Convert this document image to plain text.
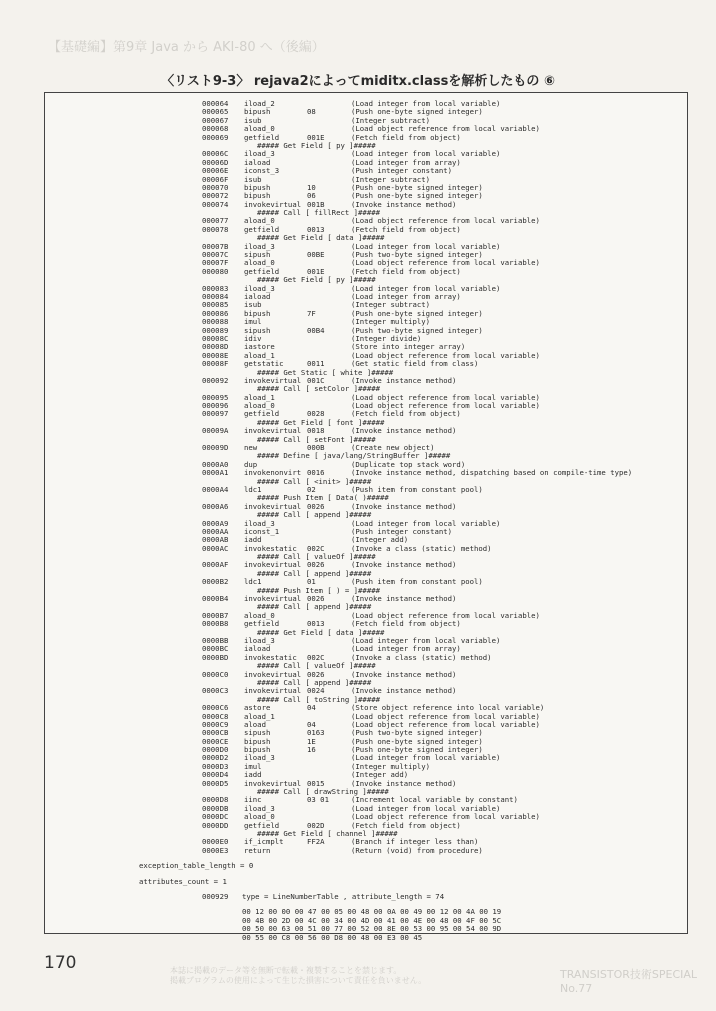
【基礎編】第9章 Java から AKI-80 へ（後編）
〈リスト9-3〉 rejava2によってmiditx.classを解析したもの ⑥
000064 iload_2	(Load integer from local variable)
000065 bipush	08	(Push one-byte signed integer)
000067 isub	(Integer subtract)
000068 aload_0	(Load object reference from local variable)
000069 getfield	001E	(Fetch field from object)
##### Get Field [ py ]#####
00006C iload_3	(Load integer from local variable)
00006D iaload	(Load integer from array)
00006E iconst_3	(Push integer constant)
00006F isub	(Integer subtract)
000070 bipush	10	(Push one-byte signed integer)
000072 bipush	06	(Push one-byte signed integer)
000074 invokevirtual 001B	(Invoke instance method)
##### Call [ fillRect ]#####
000077 aload_0	(Load object reference from local variable)
000078 getfield	0013	(Fetch field from object)
##### Get Field [ data ]#####
00007B iload_3	(Load integer from local variable)
00007C sipush	00BE	(Push two-byte signed integer)
00007F aload_0	(Load object reference from local variable)
000080 getfield	001E	(Fetch field from object)
##### Get Field [ py ]#####
000083 iload_3	(Load integer from local variable)
000084 iaload	(Load integer from array)
000085 isub	(Integer subtract)
000086 bipush	7F	(Push one-byte signed integer)
000088 imul	(Integer multiply)
000089 sipush	00B4	(Push two-byte signed integer)
00008C idiv	(Integer divide)
00008D iastore	(Store into integer array)
00008E aload_1	(Load object reference from local variable)
00008F getstatic	0011	(Get static field from class)
##### Get Static [ white ]#####
000092 invokevirtual 001C	(Invoke instance method)
##### Call [ setColor ]#####
000095 aload_1	(Load object reference from local variable)
000096 aload_0	(Load object reference from local variable)
000097 getfield	0028	(Fetch field from object)
##### Get Field [ font ]#####
00009A invokevirtual 0018	(Invoke instance method)
##### Call [ setFont ]#####
00009D new	000B	(Create new object)
##### Define [ java/lang/StringBuffer ]#####
0000A0 dup	(Duplicate top stack word)
0000A1 invokenonvirt 0016	(Invoke instance method, dispatching based on compile-time type)
##### Call [ <init> ]#####
0000A4 ldc1	02	(Push item from constant pool)
##### Push Item [ Data( )#####
0000A6 invokevirtual 0026	(Invoke instance method)
##### Call [ append ]#####
0000A9 iload_3	(Load integer from local variable)
0000AA iconst_1	(Push integer constant)
0000AB iadd	(Integer add)
0000AC invokestatic 002C	(Invoke a class (static) method)
##### Call [ valueOf ]#####
0000AF invokevirtual 0026	(Invoke instance method)
##### Call [ append ]#####
0000B2 ldc1	01	(Push item from constant pool)
##### Push Item [ ) = ]#####
0000B4 invokevirtual 0026	(Invoke instance method)
##### Call [ append ]#####
0000B7 aload_0	(Load object reference from local variable)
0000B8 getfield	0013	(Fetch field from object)
##### Get Field [ data ]#####
0000BB iload_3	(Load integer from local variable)
0000BC iaload	(Load integer from array)
0000BD invokestatic 002C	(Invoke a class (static) method)
##### Call [ valueOf ]#####
0000C0 invokevirtual 0026	(Invoke instance method)
##### Call [ append ]#####
0000C3 invokevirtual 0024	(Invoke instance method)
##### Call [ toString ]#####
0000C6 astore	04	(Store object reference into local variable)
0000C8 aload_1	(Load object reference from local variable)
0000C9 aload	04	(Load object reference from local variable)
0000CB sipush	0163	(Push two-byte signed integer)
0000CE bipush	1E	(Push one-byte signed integer)
0000D0 bipush	16	(Push one-byte signed integer)
0000D2 iload_3	(Load integer from local variable)
0000D3 imul	(Integer multiply)
0000D4 iadd	(Integer add)
0000D5 invokevirtual 0015	(Invoke instance method)
##### Call [ drawString ]#####
0000D8 iinc	03 01	(Increment local variable by constant)
0000DB iload_3	(Load integer from local variable)
0000DC aload_0	(Load object reference from local variable)
0000DD getfield	002D	(Fetch field from object)
##### Get Field [ channel ]#####
0000E0 if_icmplt	FF2A	(Branch if integer less than)
0000E3 return	(Return (void) from procedure)
exception_table_length = 0
attributes_count = 1
000929 type = LineNumberTable , attribute_length = 74
00 12 00 00 00 47 00 05 00 48 00 0A 00 49 00 12 00 4A 00 19
00 4B 00 2D 00 4C 00 34 00 4D 00 41 00 4E 00 48 00 4F 00 5C
00 50 00 63 00 51 00 77 00 52 00 8E 00 53 00 95 00 54 00 9D
00 55 00 C8 00 56 00 D8 00 48 00 E3 00 45
170	本誌に掲載のデータ等を無断で転載・複製することを禁じます。
掲載プログラムの使用によって生じた損害について責任を負いません。	TRANSISTOR技術SPECIAL No.77
